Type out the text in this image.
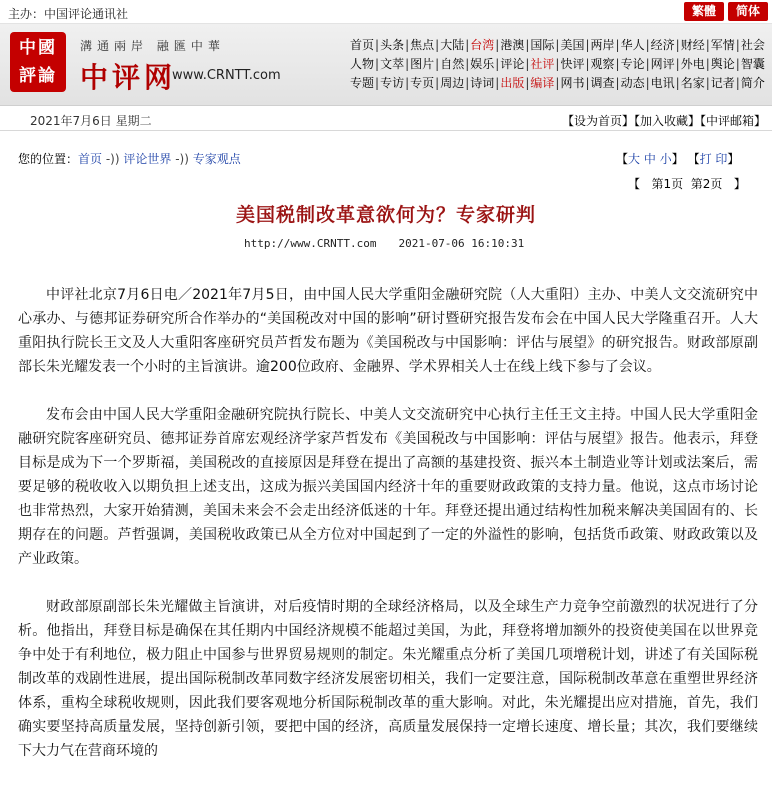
主办：中国评论通讯社	繁體	简体
中國評論
溝通兩岸 融匯中華
中评网
www.CRNTT.com
首页 | 头条 | 焦点 | 大陆 | 台湾 | 港澳 | 国际 | 美国 | 两岸 | 华人 | 经济 | 财经 | 军情 | 社会
人物 | 文萃 | 图片 | 自然 | 娱乐 | 评论 | 社评 | 快评 | 观察 | 专论 | 网评 | 外电 | 舆论 | 智囊
专题 | 专访 | 专页 | 周边 | 诗词 | 出版 | 编译 | 网书 | 调查 | 动态 | 电讯 | 名家 | 记者 | 简介
2021年7月6日 星期二	【设为首页】【加入收藏】【中评邮箱】
您的位置：首页 -)) 评论世界 -)) 专家观点	【大 中 小】 【打 印】
【 第1页 第2页 】
美国税制改革意欲何为？专家研判
http://www.CRNTT.com 2021-07-06 16:10:31

中评社北京7月6日电／2021年7月5日，由中国人民大学重阳金融研究院（人大重阳）主办、中美人文交流研究中心承办、与德邦证券研究所合作举办的“美国税改对中国的影响”研讨暨研究报告发布会在中国人民大学隆重召开。人大重阳执行院长王文及人大重阳客座研究员芦哲发布题为《美国税改与中国影响：评估与展望》的研究报告。财政部原副部长朱光耀发表一个小时的主旨演讲。逾200位政府、金融界、学术界相关人士在线上线下参与了会议。

发布会由中国人民大学重阳金融研究院执行院长、中美人文交流研究中心执行主任王文主持。中国人民大学重阳金融研究院客座研究员、德邦证券首席宏观经济学家芦哲发布《美国税改与中国影响：评估与展望》报告。他表示，拜登目标是成为下一个罗斯福，美国税改的直接原因是拜登在提出了高额的基建投资、振兴本土制造业等计划或法案后，需要足够的税收收入以期负担上述支出，这成为振兴美国国内经济十年的重要财政政策的支持力量。他说，这点市场讨论也非常热烈，大家开始猜测，美国未来会不会走出经济低迷的十年。拜登还提出通过结构性加税来解决美国固有的、长期存在的问题。芦哲强调，美国税收政策已从全方位对中国起到了一定的外溢性的影响，包括货币政策、财政政策以及产业政策。

财政部原副部长朱光耀做主旨演讲，对后疫情时期的全球经济格局，以及全球生产力竞争空前激烈的状况进行了分析。他指出，拜登目标是确保在其任期内中国经济规模不能超过美国，为此，拜登将增加额外的投资使美国在以世界竞争中处于有利地位，极力阻止中国参与世界贸易规则的制定。朱光耀重点分析了美国几项增税计划，讲述了有关国际税制改革的戏剧性进展，提出国际税制改革同数字经济发展密切相关，我们一定要注意，国际税制改革意在重塑世界经济体系，重构全球税收规则，因此我们要客观地分析国际税制改革的重大影响。对此，朱光耀提出应对措施，首先，我们确实要坚持高质量发展，坚持创新引领，要把中国的经济，高质量发展保持一定增长速度、增长量；其次，我们要继续下大力气在营商环境的
